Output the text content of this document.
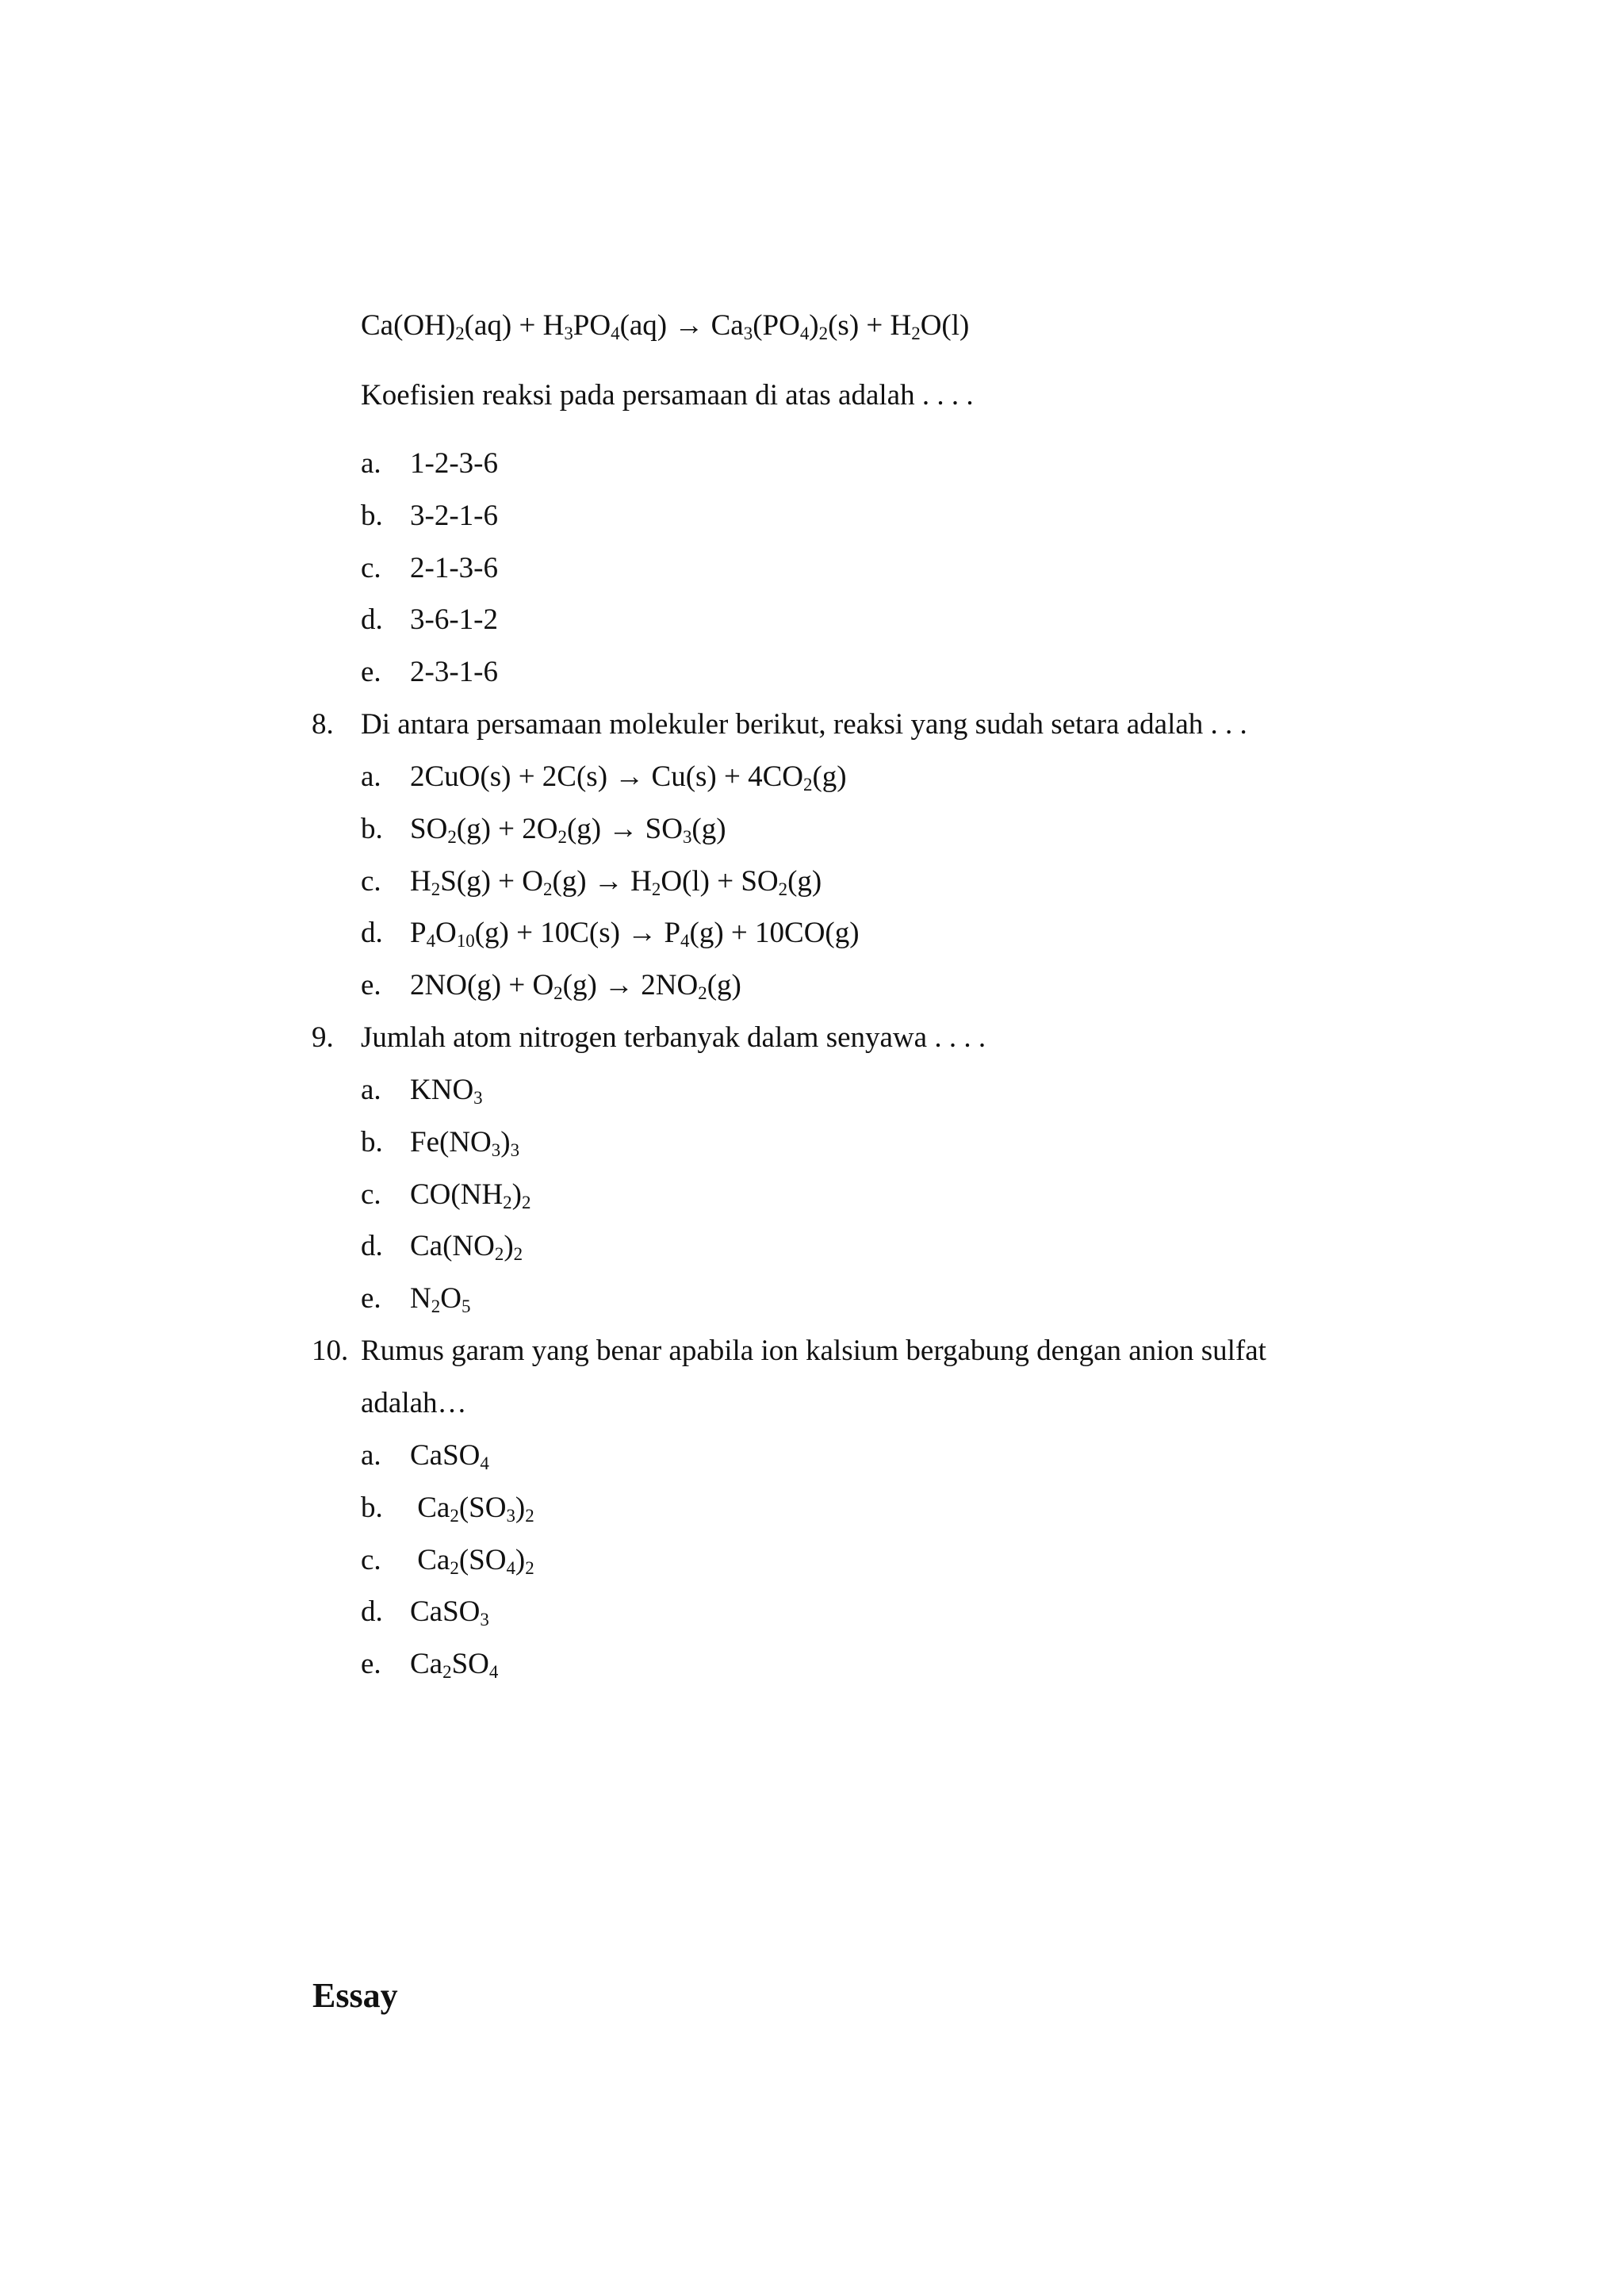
Ca(OH)2(aq) + H3PO4(aq) → Ca3(PO4)2(s) + H2O(l)
Koefisien reaksi pada persamaan di atas adalah . . . .
a. 1-2-3-6
b. 3-2-1-6
c. 2-1-3-6
d. 3-6-1-2
e. 2-3-1-6
8. Di antara persamaan molekuler berikut, reaksi yang sudah setara adalah . . .
a. 2CuO(s) + 2C(s) → Cu(s) + 4CO2(g)
b. SO2(g) + 2O2(g) → SO3(g)
c. H2S(g) + O2(g) → H2O(l) + SO2(g)
d. P4O10(g) + 10C(s) → P4(g) + 10CO(g)
e. 2NO(g) + O2(g) → 2NO2(g)
9. Jumlah atom nitrogen terbanyak dalam senyawa . . . .
a. KNO3
b. Fe(NO3)3
c. CO(NH2)2
d. Ca(NO2)2
e. N2O5
10. Rumus garam yang benar apabila ion kalsium bergabung dengan anion sulfat
adalah…
a. CaSO4
b. Ca2(SO3)2
c. Ca2(SO4)2
d. CaSO3
e. Ca2SO4
Essay
